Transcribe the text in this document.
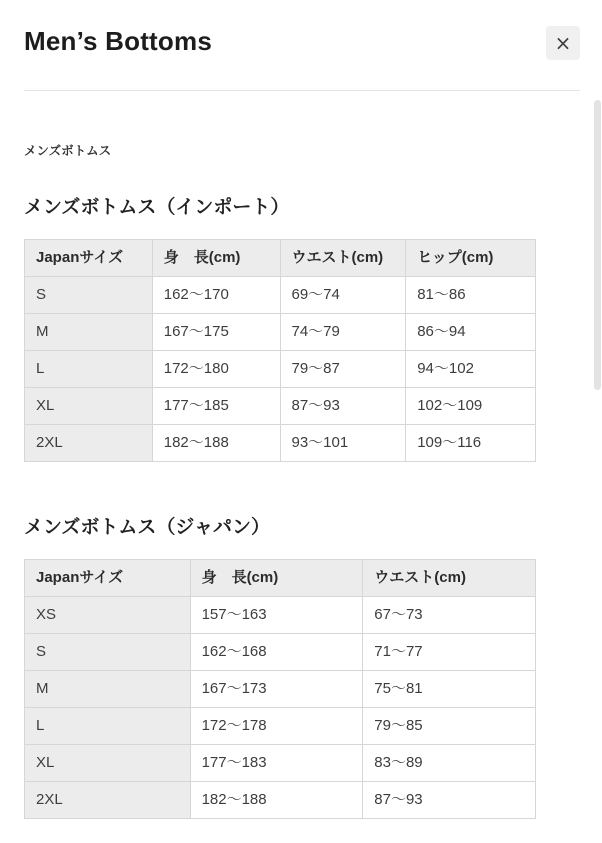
Men’s Bottoms	×
メンズボトムス
メンズボトムス（インポート）
Japanサイズ	身　長(cm)	ウエスト(cm)	ヒップ(cm)
S	162〜170	69〜74	81〜86
M	167〜175	74〜79	86〜94
L	172〜180	79〜87	94〜102
XL	177〜185	87〜93	102〜109
2XL	182〜188	93〜101	109〜116
メンズボトムス（ジャパン）
Japanサイズ	身　長(cm)	ウエスト(cm)
XS	157〜163	67〜73
S	162〜168	71〜77
M	167〜173	75〜81
L	172〜178	79〜85
XL	177〜183	83〜89
2XL	182〜188	87〜93
